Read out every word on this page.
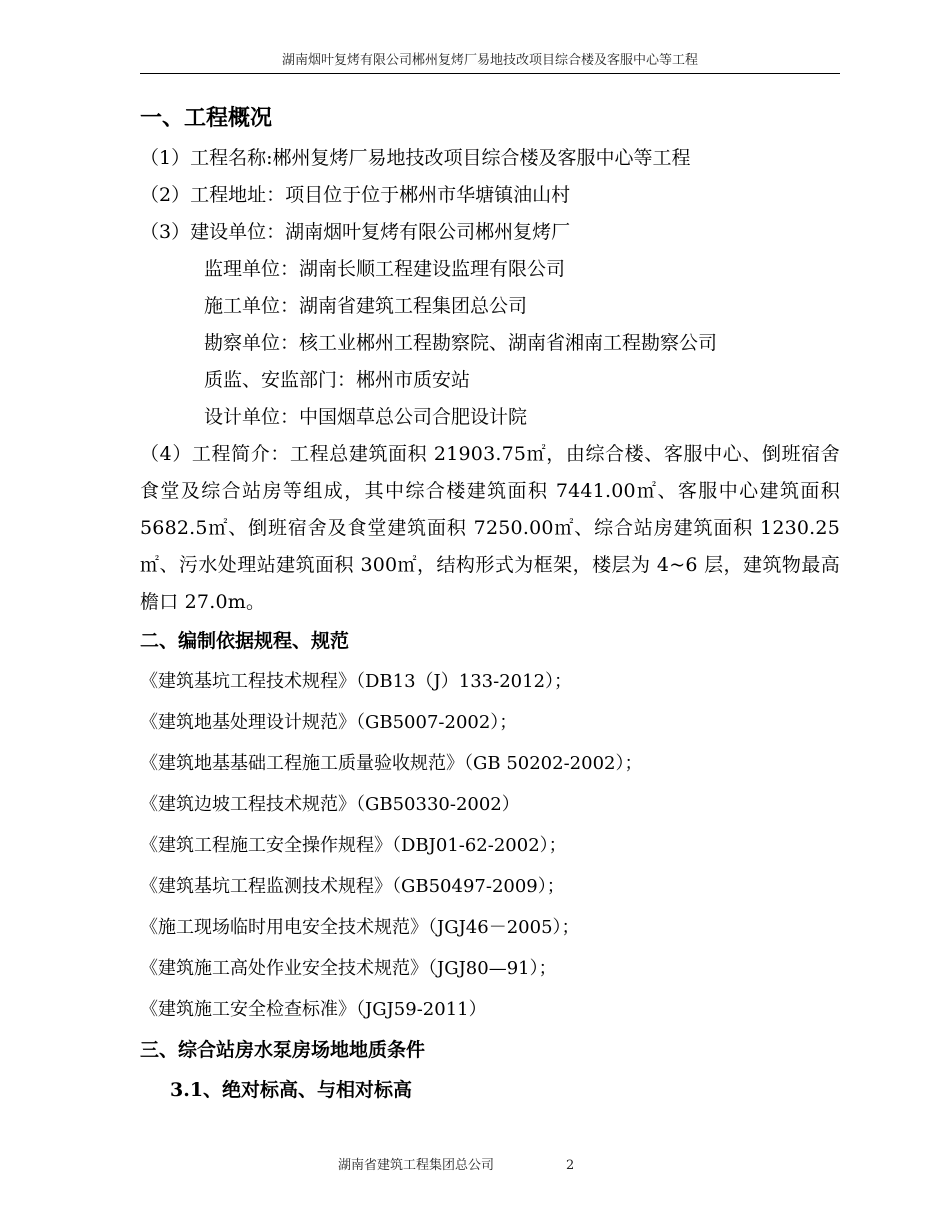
湖南烟叶复烤有限公司郴州复烤厂易地技改项目综合楼及客服中心等工程
一、工程概况
（1）工程名称:郴州复烤厂易地技改项目综合楼及客服中心等工程
（2）工程地址：项目位于位于郴州市华塘镇油山村
（3）建设单位：湖南烟叶复烤有限公司郴州复烤厂
监理单位：湖南长顺工程建设监理有限公司
施工单位：湖南省建筑工程集团总公司
勘察单位：核工业郴州工程勘察院、湖南省湘南工程勘察公司
质监、安监部门：郴州市质安站
设计单位：中国烟草总公司合肥设计院

（4）工程简介：工程总建筑面积 21903.75㎡，由综合楼、客服中心、倒班宿舍食堂及综合站房等组成，其中综合楼建筑面积 7441.00㎡、客服中心建筑面积 5682.5㎡、倒班宿舍及食堂建筑面积 7250.00㎡、综合站房建筑面积 1230.25㎡、污水处理站建筑面积 300㎡，结构形式为框架，楼层为 4~6 层，建筑物最高檐口 27.0m。

二、编制依据规程、规范
《建筑基坑工程技术规程》（DB13（J）133-2012）；
《建筑地基处理设计规范》（GB5007-2002）；
《建筑地基基础工程施工质量验收规范》（GB 50202-2002）；
《建筑边坡工程技术规范》（GB50330-2002）
《建筑工程施工安全操作规程》（DBJ01-62-2002）；
《建筑基坑工程监测技术规程》（GB50497-2009）；
《施工现场临时用电安全技术规范》（JGJ46－2005）；
《建筑施工高处作业安全技术规范》（JGJ80—91）；
《建筑施工安全检查标准》（JGJ59-2011）
三、综合站房水泵房场地地质条件
3.1、绝对标高、与相对标高
湖南省建筑工程集团总公司	2
